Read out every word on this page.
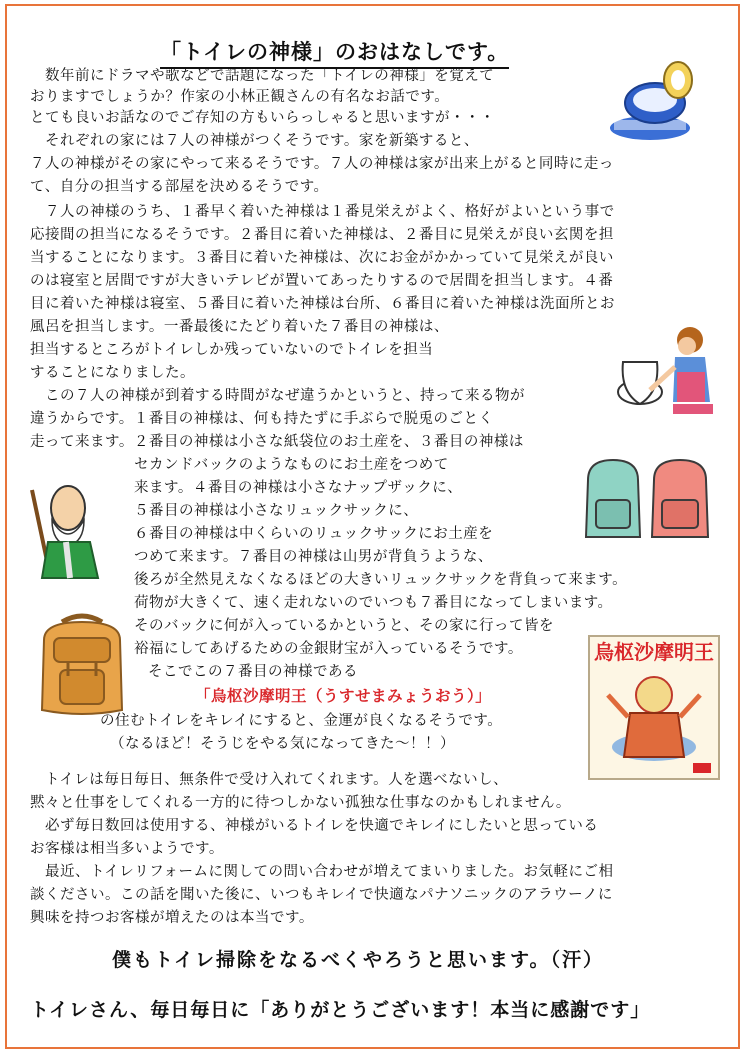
「トイレの神様」のおはなしです。
　数年前にドラマや歌などで話題になった「トイレの神様」を覚えて
おりますでしょうか？作家の小林正観さんの有名なお話です。
とても良いお話なのでご存知の方もいらっしゃると思いますが・・・
　それぞれの家には７人の神様がつくそうです。家を新築すると、
７人の神様がその家にやって来るそうです。７人の神様は家が出来上がると同時に走っ
て、自分の担当する部屋を決めるそうです。
　７人の神様のうち、１番早く着いた神様は１番見栄えがよく、格好がよいという事で
応接間の担当になるそうです。２番目に着いた神様は、２番目に見栄えが良い玄関を担
当することになります。３番目に着いた神様は、次にお金がかかっていて見栄えが良い
のは寝室と居間ですが大きいテレビが置いてあったりするので居間を担当します。４番
目に着いた神様は寝室、５番目に着いた神様は台所、６番目に着いた神様は洗面所とお
風呂を担当します。一番最後にたどり着いた７番目の神様は、
担当するところがトイレしか残っていないのでトイレを担当
することになりました。
　この７人の神様が到着する時間がなぜ違うかというと、持って来る物が
違うからです。１番目の神様は、何も持たずに手ぶらで脱兎のごとく
走って来ます。２番目の神様は小さな紙袋位のお土産を、３番目の神様は
セカンドバックのようなものにお土産をつめて
来ます。４番目の神様は小さなナップザックに、
５番目の神様は小さなリュックサックに、
６番目の神様は中くらいのリュックサックにお土産を
つめて来ます。７番目の神様は山男が背負うような、
後ろが全然見えなくなるほどの大きいリュックサックを背負って来ます。
荷物が大きくて、速く走れないのでいつも７番目になってしまいます。
そのバックに何が入っているかというと、その家に行って皆を
裕福にしてあげるための金銀財宝が入っているそうです。
そこでこの７番目の神様である
「烏枢沙摩明王（うすせまみょうおう）」
の住むトイレをキレイにすると、金運が良くなるそうです。
（なるほど！そうじをやる気になってきた～！！）
　トイレは毎日毎日、無条件で受け入れてくれます。人を選べないし、
黙々と仕事をしてくれる一方的に待つしかない孤独な仕事なのかもしれません。
　必ず毎日数回は使用する、神様がいるトイレを快適でキレイにしたいと思っている
お客様は相当多いようです。
　最近、トイレリフォームに関しての問い合わせが増えてまいりました。お気軽にご相
談ください。この話を聞いた後に、いつもキレイで快適なパナソニックのアラウーノに
興味を持つお客様が増えたのは本当です。
僕もトイレ掃除をなるべくやろうと思います。（汗）
トイレさん、毎日毎日に「ありがとうございます！本当に感謝です」
烏枢沙摩明王
